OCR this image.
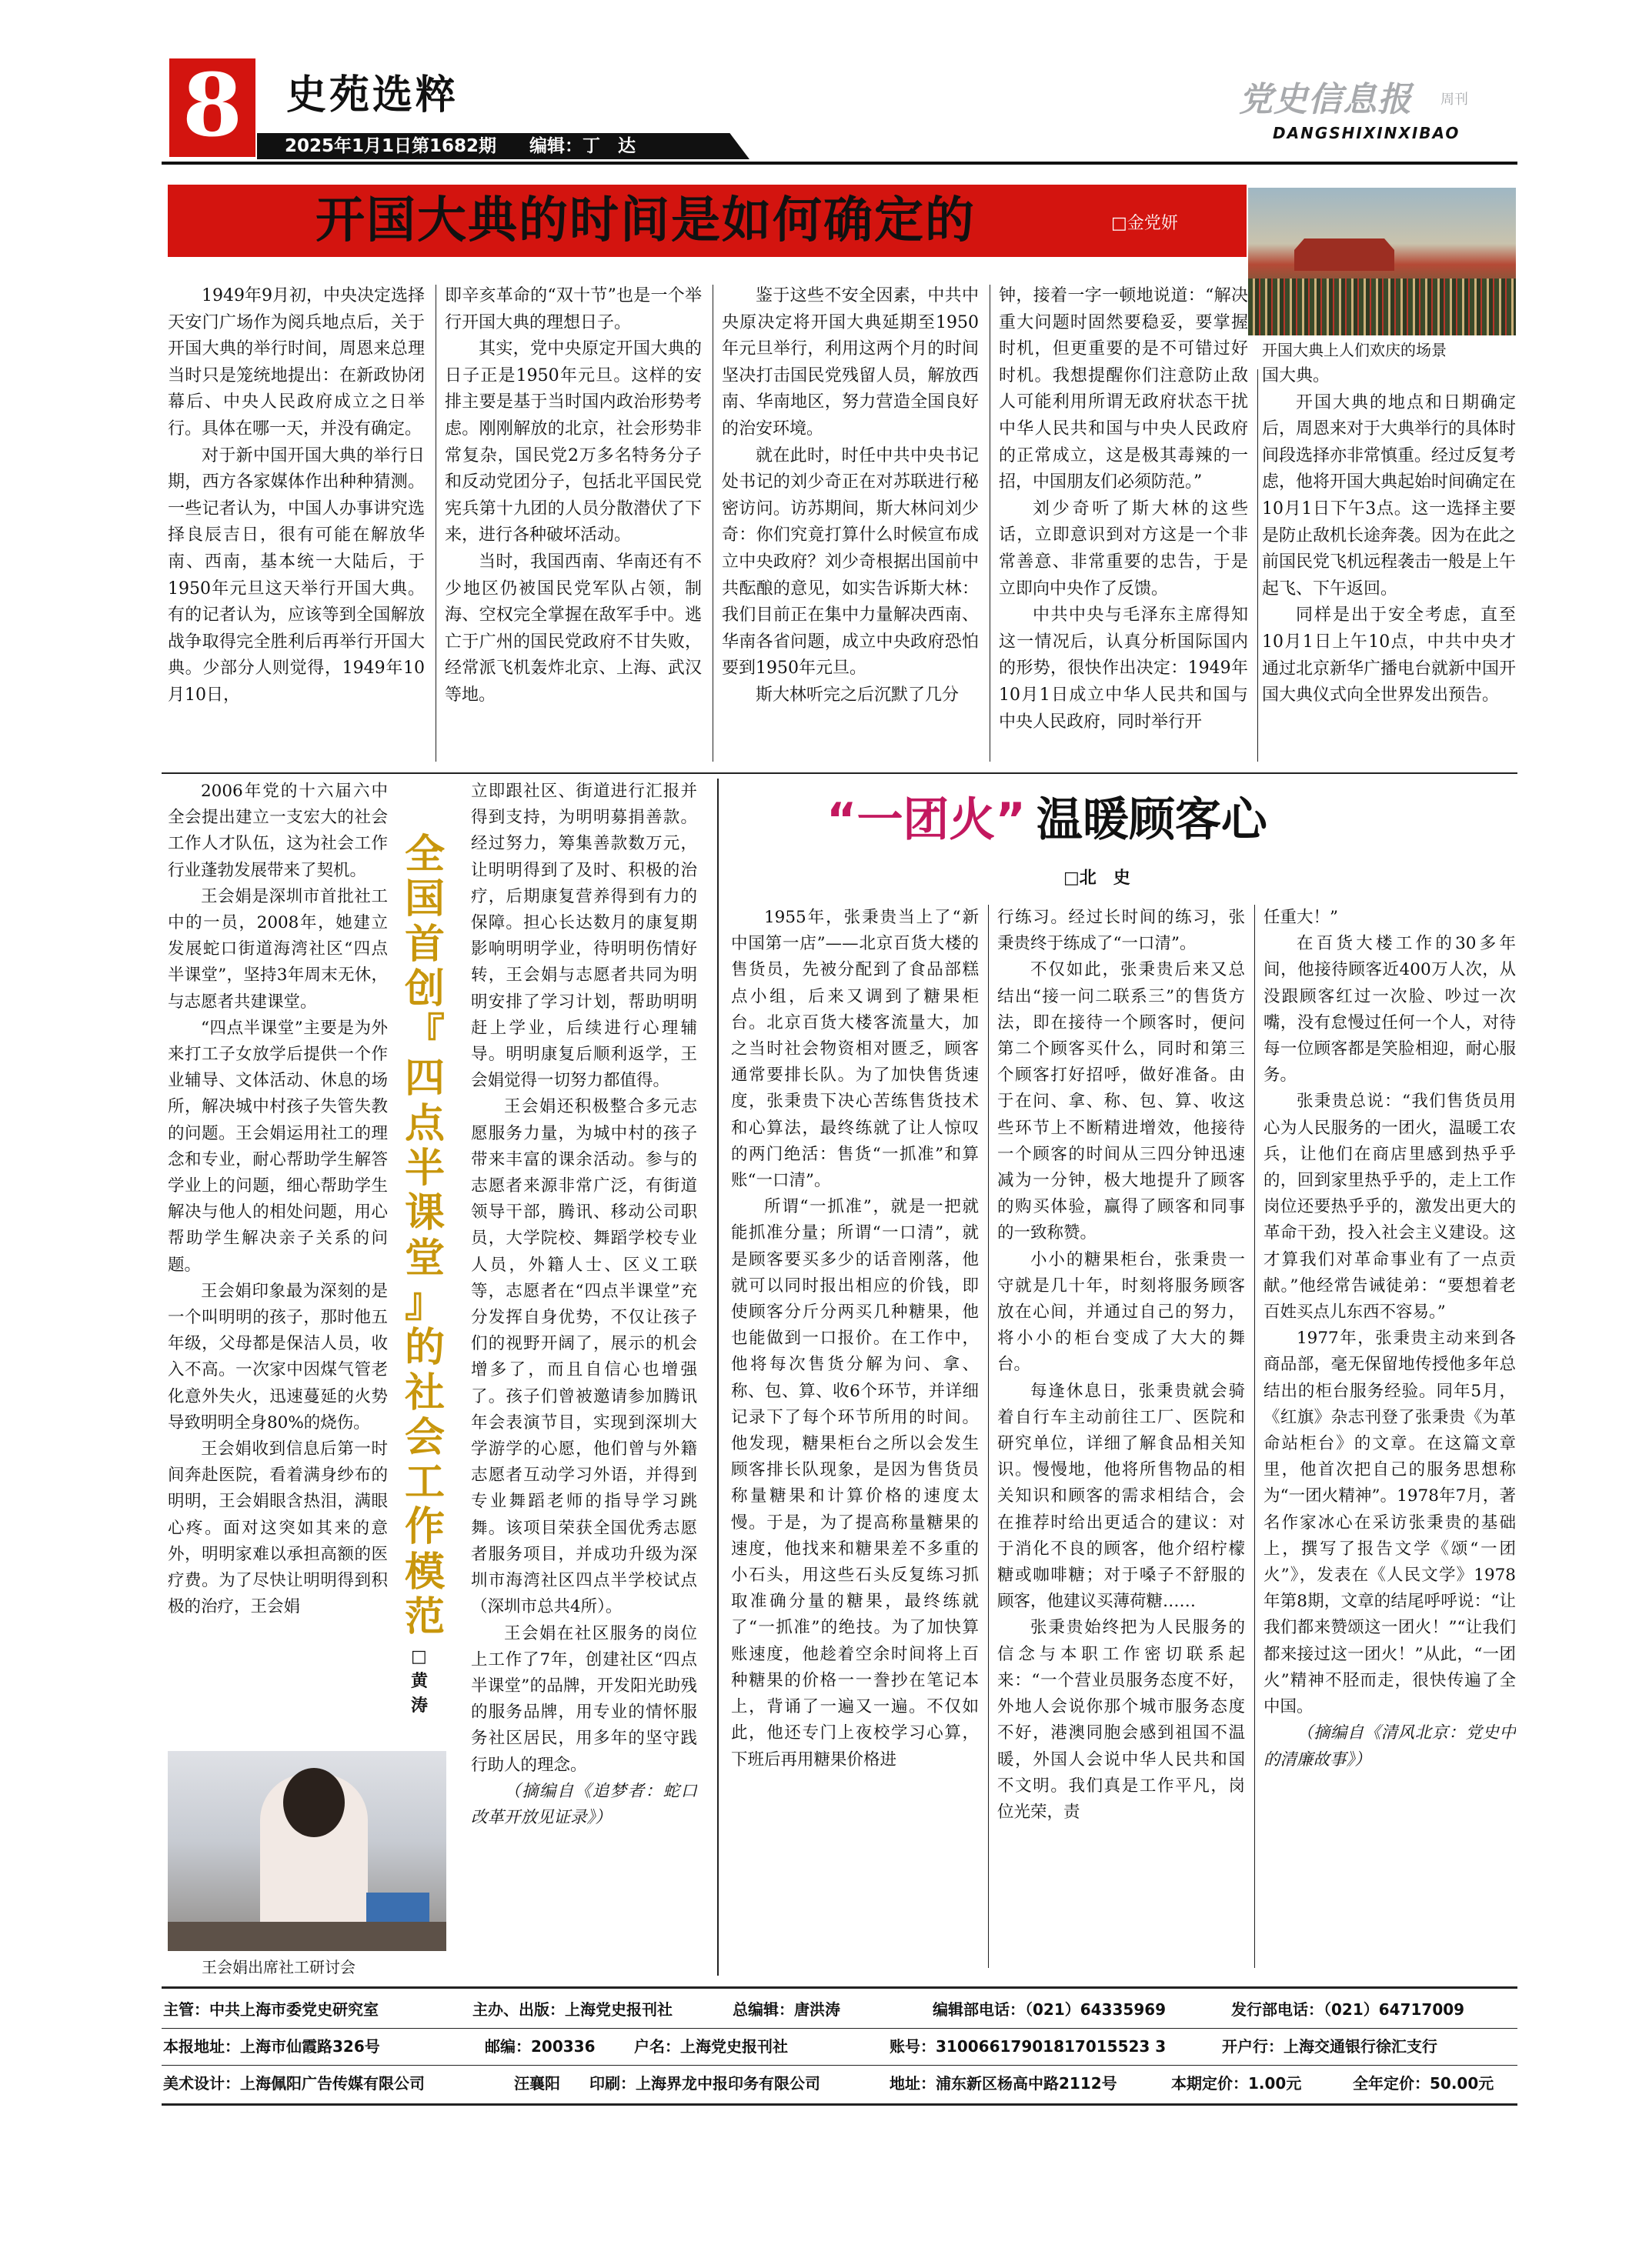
8	史苑选粹
2025年1月1日第1682期 编辑：丁　达
党史信息报 周刊
DANGSHIXINXIBAO
开国大典的时间是如何确定的	□金党妍
开国大典上人们欢庆的场景

1949年9月初，中央决定选择天安门广场作为阅兵地点后，关于开国大典的举行时间，周恩来总理当时只是笼统地提出：在新政协闭幕后、中央人民政府成立之日举行。具体在哪一天，并没有确定。

对于新中国开国大典的举行日期，西方各家媒体作出种种猜测。一些记者认为，中国人办事讲究选择良辰吉日，很有可能在解放华南、西南，基本统一大陆后，于1950年元旦这天举行开国大典。有的记者认为，应该等到全国解放战争取得完全胜利后再举行开国大典。少部分人则觉得，1949年10月10日，

即辛亥革命的“双十节”也是一个举行开国大典的理想日子。

其实，党中央原定开国大典的日子正是1950年元旦。这样的安排主要是基于当时国内政治形势考虑。刚刚解放的北京，社会形势非常复杂，国民党2万多名特务分子和反动党团分子，包括北平国民党宪兵第十九团的人员分散潜伏了下来，进行各种破坏活动。

当时，我国西南、华南还有不少地区仍被国民党军队占领，制海、空权完全掌握在敌军手中。逃亡于广州的国民党政府不甘失败，经常派飞机轰炸北京、上海、武汉等地。

鉴于这些不安全因素，中共中央原决定将开国大典延期至1950年元旦举行，利用这两个月的时间坚决打击国民党残留人员，解放西南、华南地区，努力营造全国良好的治安环境。

就在此时，时任中共中央书记处书记的刘少奇正在对苏联进行秘密访问。访苏期间，斯大林问刘少奇：你们究竟打算什么时候宣布成立中央政府？刘少奇根据出国前中共酝酿的意见，如实告诉斯大林：我们目前正在集中力量解决西南、华南各省问题，成立中央政府恐怕要到1950年元旦。

斯大林听完之后沉默了几分

钟，接着一字一顿地说道：“解决重大问题时固然要稳妥，要掌握时机，但更重要的是不可错过好时机。我想提醒你们注意防止敌人可能利用所谓无政府状态干扰中华人民共和国与中央人民政府的正常成立，这是极其毒辣的一招，中国朋友们必须防范。”

刘少奇听了斯大林的这些话，立即意识到对方这是一个非常善意、非常重要的忠告，于是立即向中央作了反馈。

中共中央与毛泽东主席得知这一情况后，认真分析国际国内的形势，很快作出决定：1949年10月1日成立中华人民共和国与中央人民政府，同时举行开

国大典。

开国大典的地点和日期确定后，周恩来对于大典举行的具体时间段选择亦非常慎重。经过反复考虑，他将开国大典起始时间确定在10月1日下午3点。这一选择主要是防止敌机长途奔袭。因为在此之前国民党飞机远程袭击一般是上午起飞、下午返回。

同样是出于安全考虑，直至10月1日上午10点，中共中央才通过北京新华广播电台就新中国开国大典仪式向全世界发出预告。

2006年党的十六届六中全会提出建立一支宏大的社会工作人才队伍，这为社会工作行业蓬勃发展带来了契机。

王会娟是深圳市首批社工中的一员，2008年，她建立发展蛇口街道海湾社区“四点半课堂”，坚持3年周末无休，与志愿者共建课堂。

“四点半课堂”主要是为外来打工子女放学后提供一个作业辅导、文体活动、休息的场所，解决城中村孩子失管失教的问题。王会娟运用社工的理念和专业，耐心帮助学生解答学业上的问题，细心帮助学生解决与他人的相处问题，用心帮助学生解决亲子关系的问题。

王会娟印象最为深刻的是一个叫明明的孩子，那时他五年级，父母都是保洁人员，收入不高。一次家中因煤气管老化意外失火，迅速蔓延的火势导致明明全身80%的烧伤。

王会娟收到信息后第一时间奔赴医院，看着满身纱布的明明，王会娟眼含热泪，满眼心疼。面对这突如其来的意外，明明家难以承担高额的医疗费。为了尽快让明明得到积极的治疗，王会娟

全
国
首
创
『
四
点
半
课
堂
』
的
社
会
工
作
模
范
□黄涛
王会娟出席社工研讨会

立即跟社区、街道进行汇报并得到支持，为明明募捐善款。经过努力，筹集善款数万元，让明明得到了及时、积极的治疗，后期康复营养得到有力的保障。担心长达数月的康复期影响明明学业，待明明伤情好转，王会娟与志愿者共同为明明安排了学习计划，帮助明明赶上学业，后续进行心理辅导。明明康复后顺利返学，王会娟觉得一切努力都值得。

王会娟还积极整合多元志愿服务力量，为城中村的孩子带来丰富的课余活动。参与的志愿者来源非常广泛，有街道领导干部，腾讯、移动公司职员，大学院校、舞蹈学校专业人员，外籍人士、区义工联等，志愿者在“四点半课堂”充分发挥自身优势，不仅让孩子们的视野开阔了，展示的机会增多了，而且自信心也增强了。孩子们曾被邀请参加腾讯年会表演节目，实现到深圳大学游学的心愿，他们曾与外籍志愿者互动学习外语，并得到专业舞蹈老师的指导学习跳舞。该项目荣获全国优秀志愿者服务项目，并成功升级为深圳市海湾社区四点半学校试点（深圳市总共4所）。

王会娟在社区服务的岗位上工作了7年，创建社区“四点半课堂”的品牌，开发阳光助残的服务品牌，用专业的情怀服务社区居民，用多年的坚守践行助人的理念。

（摘编自《追梦者：蛇口改革开放见证录》）

“一团火” 温暖顾客心
□北　史

1955年，张秉贵当上了“新中国第一店”——北京百货大楼的售货员，先被分配到了食品部糕点小组，后来又调到了糖果柜台。北京百货大楼客流量大，加之当时社会物资相对匮乏，顾客通常要排长队。为了加快售货速度，张秉贵下决心苦练售货技术和心算法，最终练就了让人惊叹的两门绝活：售货“一抓准”和算账“一口清”。

所谓“一抓准”，就是一把就能抓准分量；所谓“一口清”，就是顾客要买多少的话音刚落，他就可以同时报出相应的价钱，即使顾客分斤分两买几种糖果，他也能做到一口报价。在工作中，他将每次售货分解为问、拿、称、包、算、收6个环节，并详细记录下了每个环节所用的时间。他发现，糖果柜台之所以会发生顾客排长队现象，是因为售货员称量糖果和计算价格的速度太慢。于是，为了提高称量糖果的速度，他找来和糖果差不多重的小石头，用这些石头反复练习抓取准确分量的糖果，最终练就了“一抓准”的绝技。为了加快算账速度，他趁着空余时间将上百种糖果的价格一一誊抄在笔记本上，背诵了一遍又一遍。不仅如此，他还专门上夜校学习心算，下班后再用糖果价格进

行练习。经过长时间的练习，张秉贵终于练成了“一口清”。

不仅如此，张秉贵后来又总结出“接一问二联系三”的售货方法，即在接待一个顾客时，便问第二个顾客买什么，同时和第三个顾客打好招呼，做好准备。由于在问、拿、称、包、算、收这些环节上不断精进增效，他接待一个顾客的时间从三四分钟迅速减为一分钟，极大地提升了顾客的购买体验，赢得了顾客和同事的一致称赞。

小小的糖果柜台，张秉贵一守就是几十年，时刻将服务顾客放在心间，并通过自己的努力，将小小的柜台变成了大大的舞台。

每逢休息日，张秉贵就会骑着自行车主动前往工厂、医院和研究单位，详细了解食品相关知识。慢慢地，他将所售物品的相关知识和顾客的需求相结合，会在推荐时给出更适合的建议：对于消化不良的顾客，他介绍柠檬糖或咖啡糖；对于嗓子不舒服的顾客，他建议买薄荷糖……

张秉贵始终把为人民服务的信念与本职工作密切联系起来：“一个营业员服务态度不好，外地人会说你那个城市服务态度不好，港澳同胞会感到祖国不温暖，外国人会说中华人民共和国不文明。我们真是工作平凡，岗位光荣，责

任重大！”

在百货大楼工作的30多年间，他接待顾客近400万人次，从没跟顾客红过一次脸、吵过一次嘴，没有怠慢过任何一个人，对待每一位顾客都是笑脸相迎，耐心服务。

张秉贵总说：“我们售货员用心为人民服务的一团火，温暖工农兵，让他们在商店里感到热乎乎的，回到家里热乎乎的，走上工作岗位还要热乎乎的，激发出更大的革命干劲，投入社会主义建设。这才算我们对革命事业有了一点贡献。”他经常告诫徒弟：“要想着老百姓买点儿东西不容易。”

1977年，张秉贵主动来到各商品部，毫无保留地传授他多年总结出的柜台服务经验。同年5月，《红旗》杂志刊登了张秉贵《为革命站柜台》的文章。在这篇文章里，他首次把自己的服务思想称为“一团火精神”。1978年7月，著名作家冰心在采访张秉贵的基础上，撰写了报告文学《颂“一团火”》，发表在《人民文学》1978年第8期，文章的结尾呼呼说：“让我们都来赞颂这一团火！”“让我们都来接过这一团火！”从此，“一团火”精神不胫而走，很快传遍了全中国。

（摘编自《清风北京：党史中的清廉故事》）

主管：中共上海市委党史研究室	主办、出版：上海党史报刊社	总编辑：唐洪涛	编辑部电话：（021）64335969	发行部电话：（021）64717009
本报地址：上海市仙霞路326号	邮编：200336	户名：上海党史报刊社	账号：31006617901817015523 3	开户行：上海交通银行徐汇支行
美术设计：上海佩阳广告传媒有限公司	汪襄阳 印刷：上海界龙中报印务有限公司	地址：浦东新区杨高中路2112号	本期定价：1.00元	全年定价：50.00元
